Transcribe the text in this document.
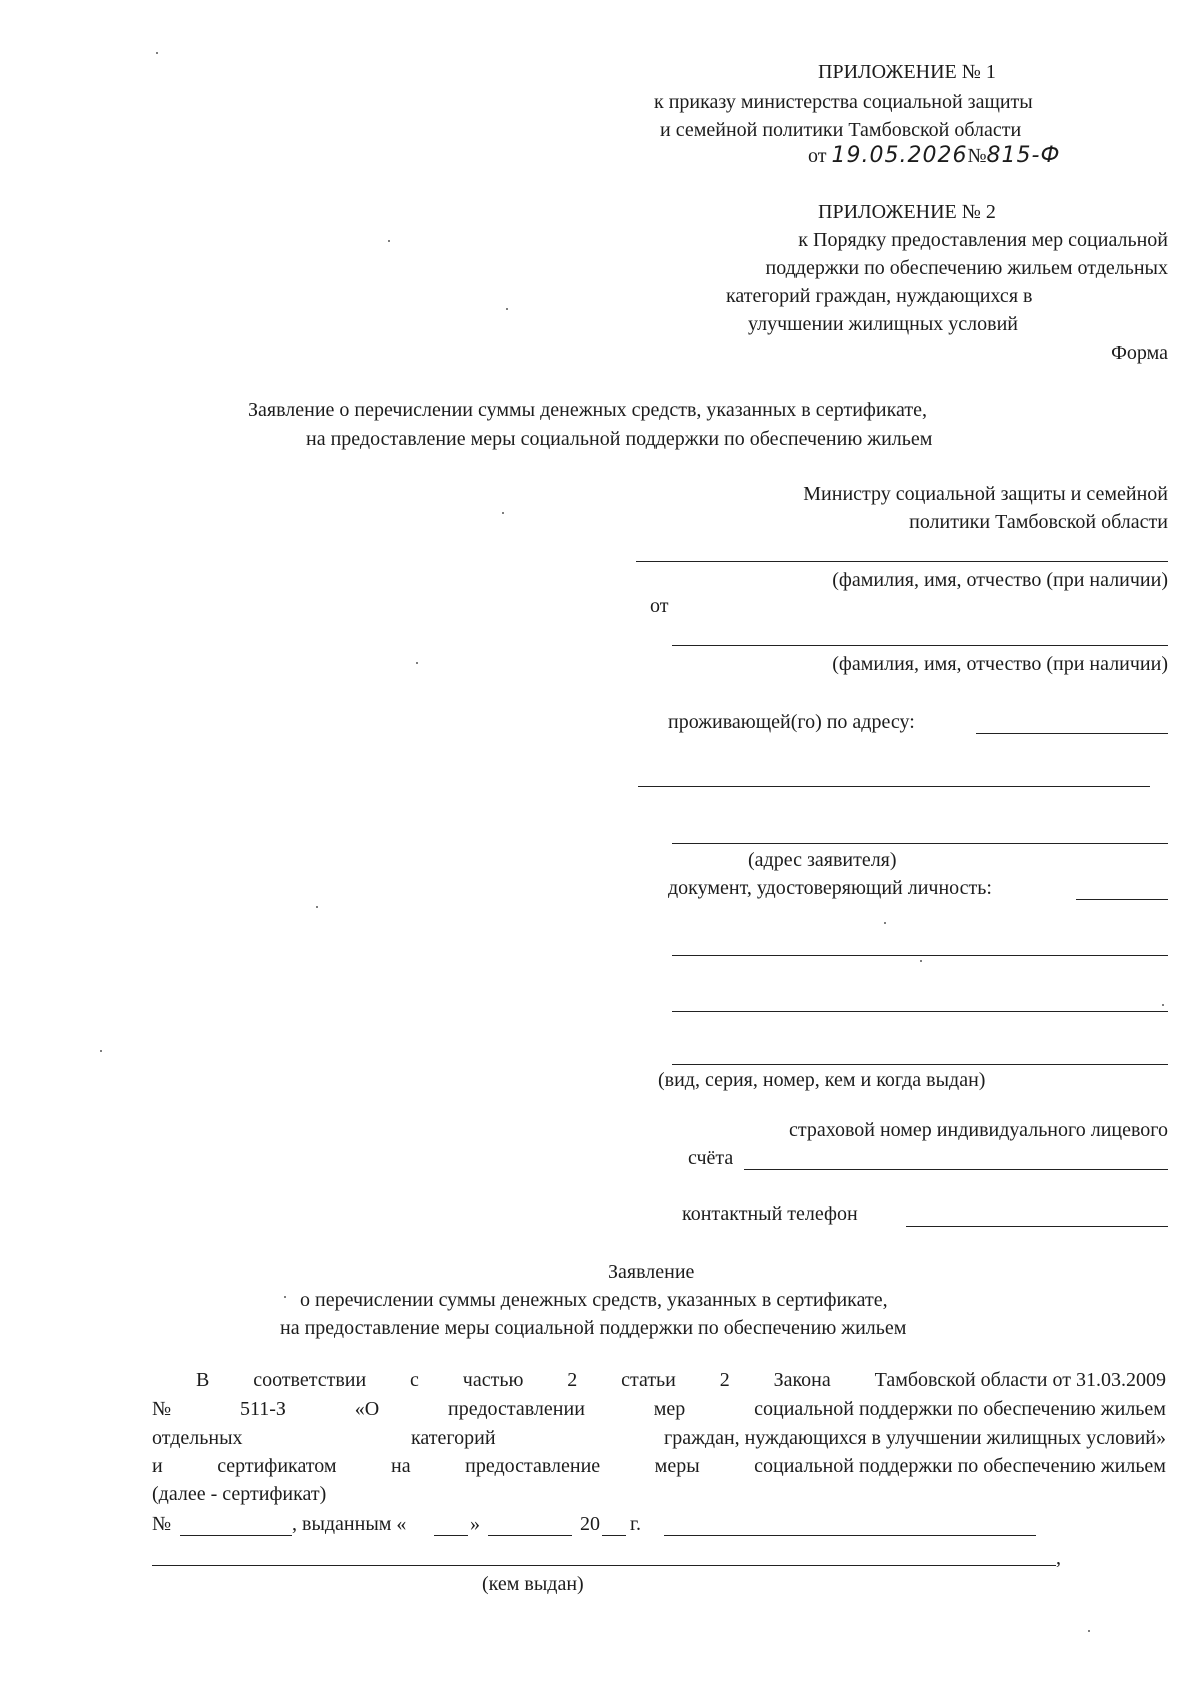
ПРИЛОЖЕНИЕ № 1
к приказу министерства социальной защиты
и семейной политики Тамбовской области
от 19.05.2026№815-Ф
ПРИЛОЖЕНИЕ № 2
к Порядку предоставления мер социальной
поддержки по обеспечению жильем отдельных
категорий граждан, нуждающихся в
улучшении жилищных условий
Форма
Заявление о перечислении суммы денежных средств, указанных в сертификате,
на предоставление меры социальной поддержки по обеспечению жильем
Министру социальной защиты и семейной
политики Тамбовской области
(фамилия, имя, отчество (при наличии)
от
(фамилия, имя, отчество (при наличии)
проживающей(го) по адресу:
(адрес заявителя)
документ, удостоверяющий личность:
(вид, серия, номер, кем и когда выдан)
страховой номер индивидуального лицевого
счёта
контактный телефон
Заявление
о перечислении суммы денежных средств, указанных в сертификате,
на предоставление меры социальной поддержки по обеспечению жильем
В соответствии с частью 2 статьи 2 Закона Тамбовской области от 31.03.2009
№	511-З	«О	предоставлении	мер	социальной поддержки по обеспечению жильем
отдельных	категорий	граждан, нуждающихся в улучшении жилищных условий»
и	сертификатом	на	предоставление	меры	социальной поддержки по обеспечению жильем
(далее - сертификат)
№	, выданным «	»	20 г.
,
(кем выдан)
